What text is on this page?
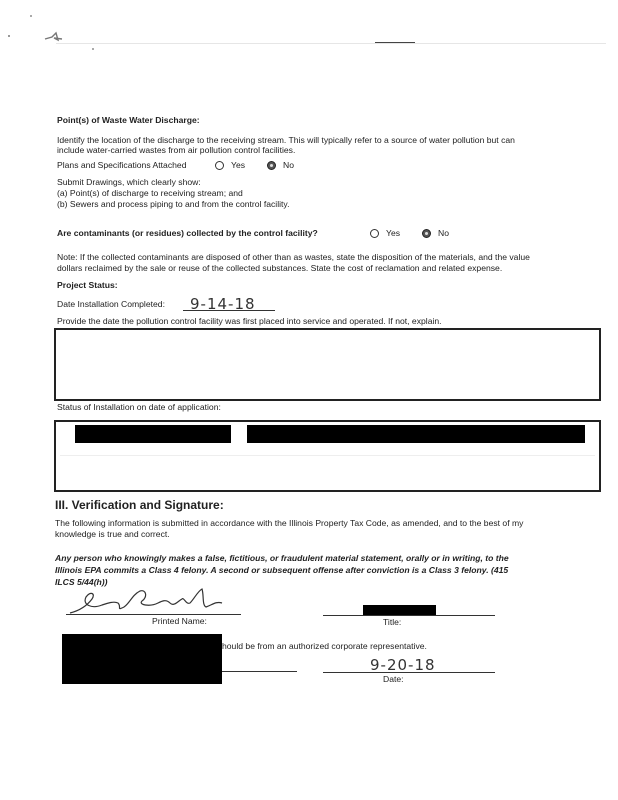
Point(s) of Waste Water Discharge:
Identify the location of the discharge to the receiving stream. This will typically refer to a source of water pollution but can
include water-carried wastes from air pollution control facilities.
Plans and Specifications Attached	Yes	No
Submit Drawings, which clearly show:
(a) Point(s) of discharge to receiving stream; and
(b) Sewers and process piping to and from the control facility.
Are contaminants (or residues) collected by the control facility?	Yes	No
Note: If the collected contaminants are disposed of other than as wastes, state the disposition of the materials, and the value
dollars reclaimed by the sale or reuse of the collected substances. State the cost of reclamation and related expense.
Project Status:
Date Installation Completed: 9-14-18
Provide the date the pollution control facility was first placed into service and operated. If not, explain.
Status of Installation on date of application:
III. Verification and Signature:
The following information is submitted in accordance with the Illinois Property Tax Code, as amended, and to the best of my
knowledge is true and correct.
Any person who knowingly makes a false, fictitious, or fraudulent material statement, orally or in writing, to the
Illinois EPA commits a Class 4 felony. A second or subsequent offense after conviction is a Class 3 felony. (415
ILCS 5/44(h))
Printed Name:	Title:
hould be from an authorized corporate representative.
9-20-18
Date:
